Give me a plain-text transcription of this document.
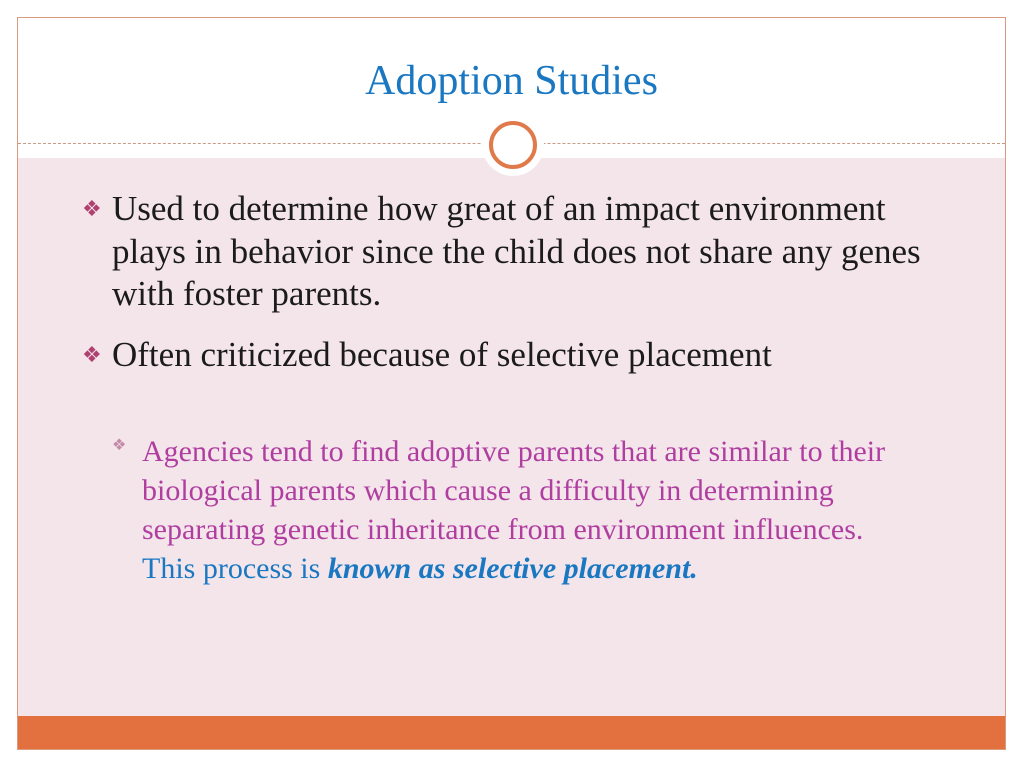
Adoption Studies
❖ Used to determine how great of an impact environment plays in behavior since the child does not share any genes with foster parents.
❖ Often criticized because of selective placement
❖ Agencies tend to find adoptive parents that are similar to their biological parents which cause a difficulty in determining separating genetic inheritance from environment influences. This process is known as selective placement.
